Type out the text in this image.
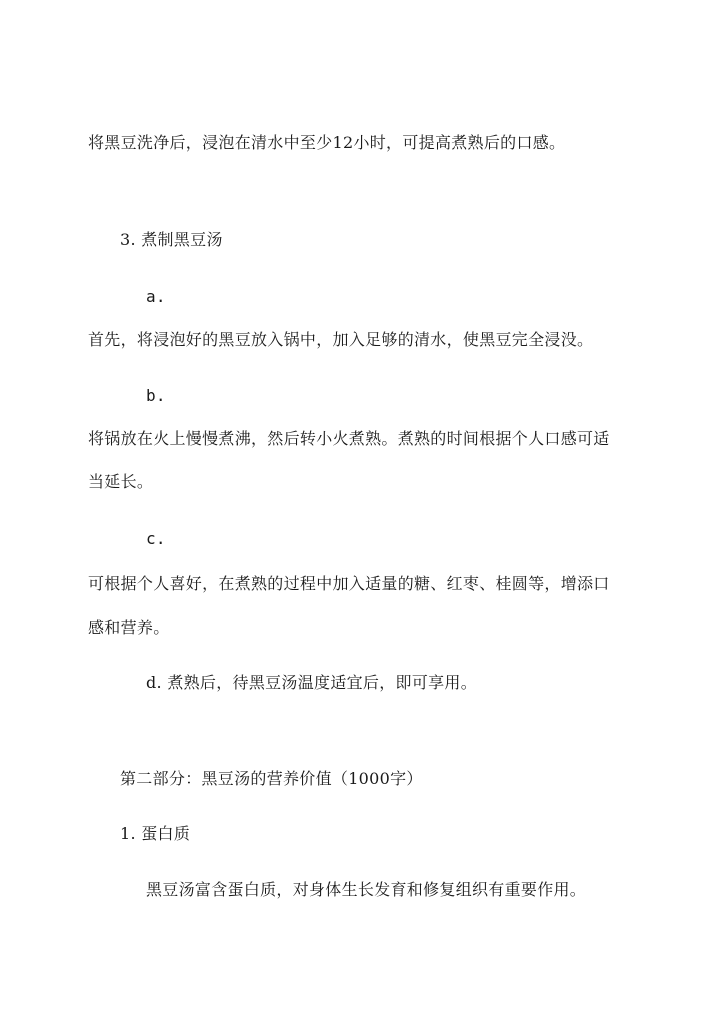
将黑豆洗净后，浸泡在清水中至少12小时，可提高煮熟后的口感。
3. 煮制黑豆汤
a.
首先，将浸泡好的黑豆放入锅中，加入足够的清水，使黑豆完全浸没。
b.
将锅放在火上慢慢煮沸，然后转小火煮熟。煮熟的时间根据个人口感可适
当延长。
c.
可根据个人喜好，在煮熟的过程中加入适量的糖、红枣、桂圆等，增添口
感和营养。
d. 煮熟后，待黑豆汤温度适宜后，即可享用。
第二部分：黑豆汤的营养价值（1000字）
1. 蛋白质
黑豆汤富含蛋白质，对身体生长发育和修复组织有重要作用。
